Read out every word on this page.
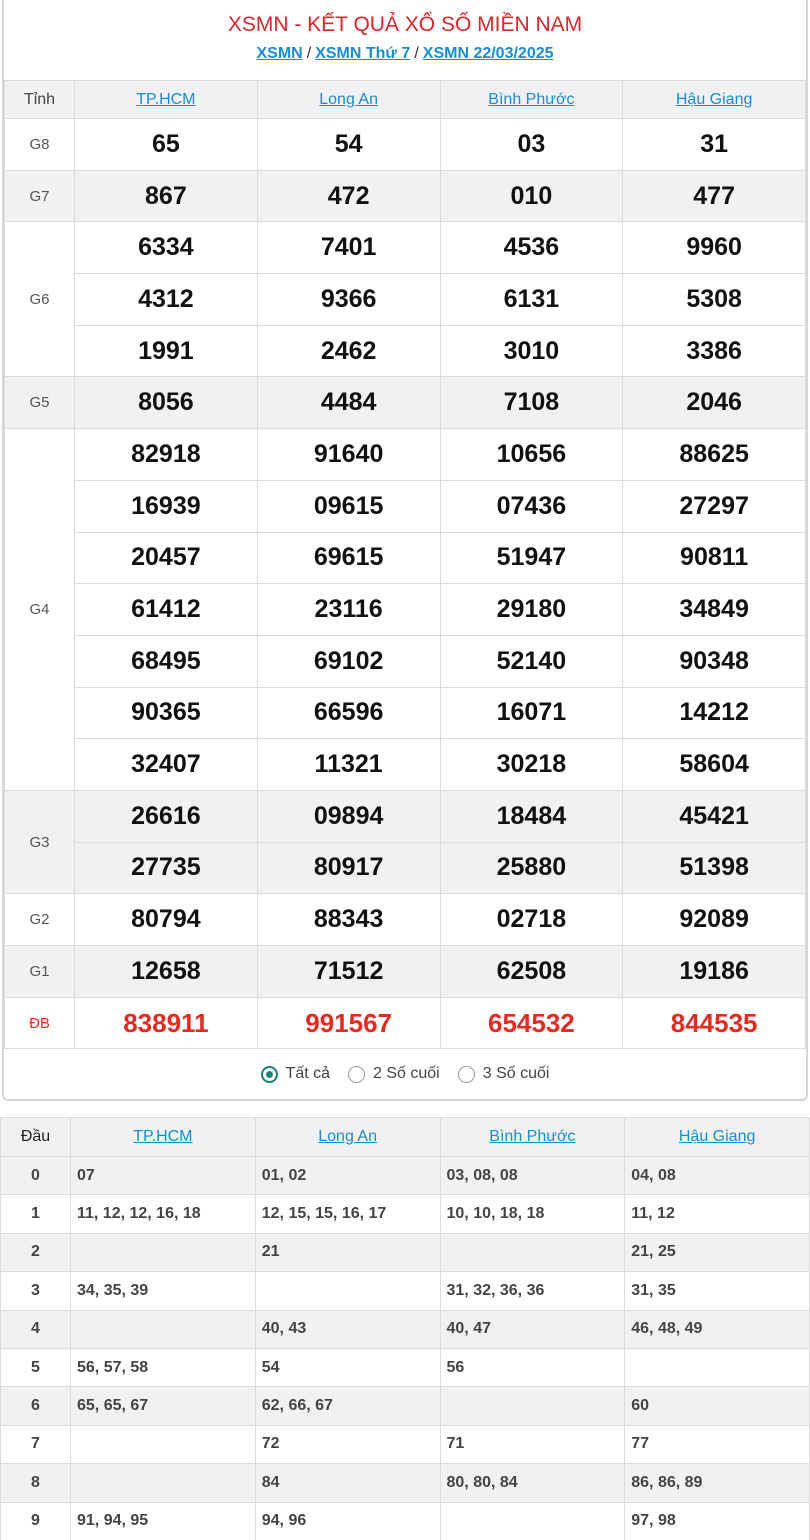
XSMN - KẾT QUẢ XỔ SỐ MIỀN NAM
XSMN / XSMN Thứ 7 / XSMN 22/03/2025
Tỉnh	TP.HCM	Long An	Bình Phước	Hậu Giang
G8	65	54	03	31
G7	867	472	010	477
G6	6334	7401	4536	9960
	4312	9366	6131	5308
	1991	2462	3010	3386
G5	8056	4484	7108	2046
G4	82918	91640	10656	88625
	16939	09615	07436	27297
	20457	69615	51947	90811
	61412	23116	29180	34849
	68495	69102	52140	90348
	90365	66596	16071	14212
	32407	11321	30218	58604
G3	26616	09894	18484	45421
	27735	80917	25880	51398
G2	80794	88343	02718	92089
G1	12658	71512	62508	19186
ĐB	838911	991567	654532	844535
Tất cả	2 Số cuối	3 Số cuối
Đầu	TP.HCM	Long An	Bình Phước	Hậu Giang
0	07	01, 02	03, 08, 08	04, 08
1	11, 12, 12, 16, 18	12, 15, 15, 16, 17	10, 10, 18, 18	11, 12
2		21		21, 25
3	34, 35, 39		31, 32, 36, 36	31, 35
4		40, 43	40, 47	46, 48, 49
5	56, 57, 58	54	56	
6	65, 65, 67	62, 66, 67		60
7		72	71	77
8		84	80, 80, 84	86, 86, 89
9	91, 94, 95	94, 96		97, 98
